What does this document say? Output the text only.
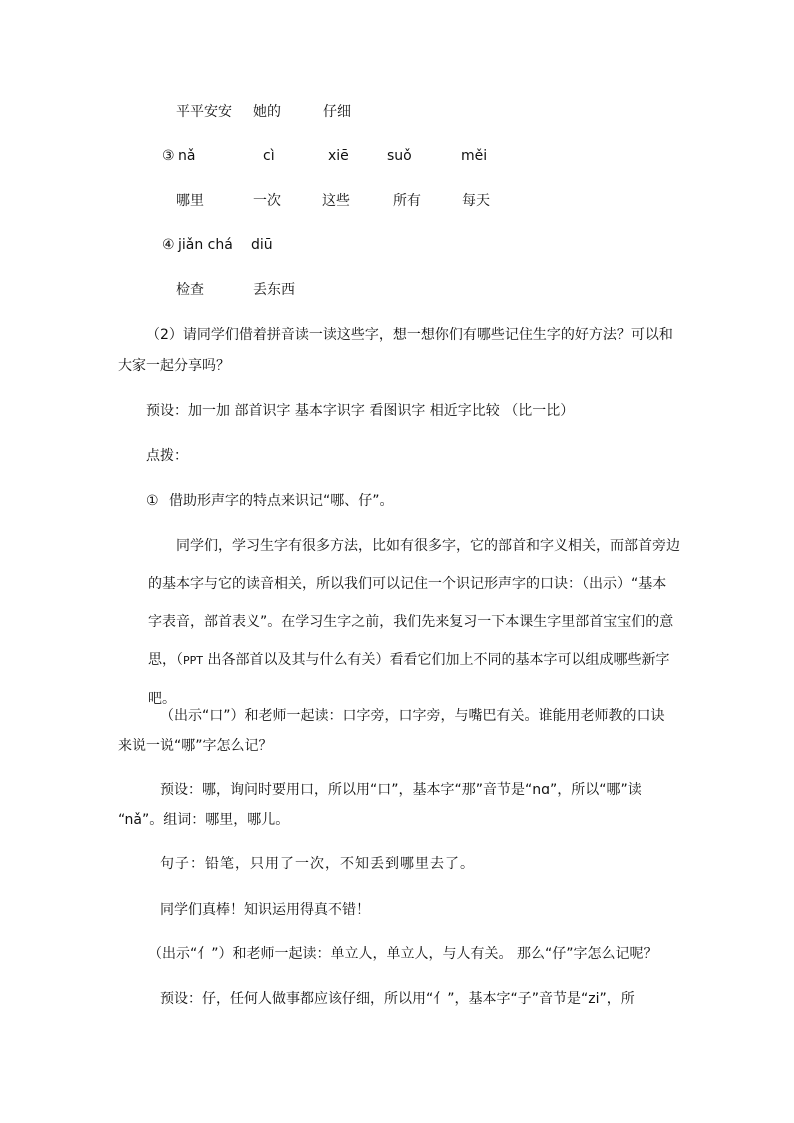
平平安安 她的	仔细
③ nǎ	cì	xiē	suǒ	měi
哪里	一次	这些	所有	每天
④ jiǎn chá diū
检查	丢东西
（2）请同学们借着拼音读一读这些字，想一想你们有哪些记住生字的好方法？可以和
大家一起分享吗？
预设：加一加 部首识字 基本字识字 看图识字 相近字比较 （比一比）
点拨：
① 借助形声字的特点来识记“哪、仔”。
同学们，学习生字有很多方法，比如有很多字，它的部首和字义相关，而部首旁边的基本字与它的读音相关，所以我们可以记住一个识记形声字的口诀：（出示）“基本字表音，部首表义”。在学习生字之前，我们先来复习一下本课生字里部首宝宝们的意思，（PPT 出各部首以及其与什么有关）看看它们加上不同的基本字可以组成哪些新字吧。
（出示“口”）和老师一起读：口字旁，口字旁，与嘴巴有关。谁能用老师教的口诀
来说一说“哪”字怎么记？
预设：哪，询问时要用口，所以用“口”，基本字“那”音节是“nɑ”，所以“哪”读
“nǎ”。组词：哪里，哪儿。
句子：铅笔，只用了一次，不知丢到哪里去了。
同学们真棒！知识运用得真不错！
（出示“亻”）和老师一起读：单立人，单立人，与人有关。 那么“仔”字怎么记呢？
预设：仔，任何人做事都应该仔细，所以用“亻”，基本字“子”音节是“zi”，所
